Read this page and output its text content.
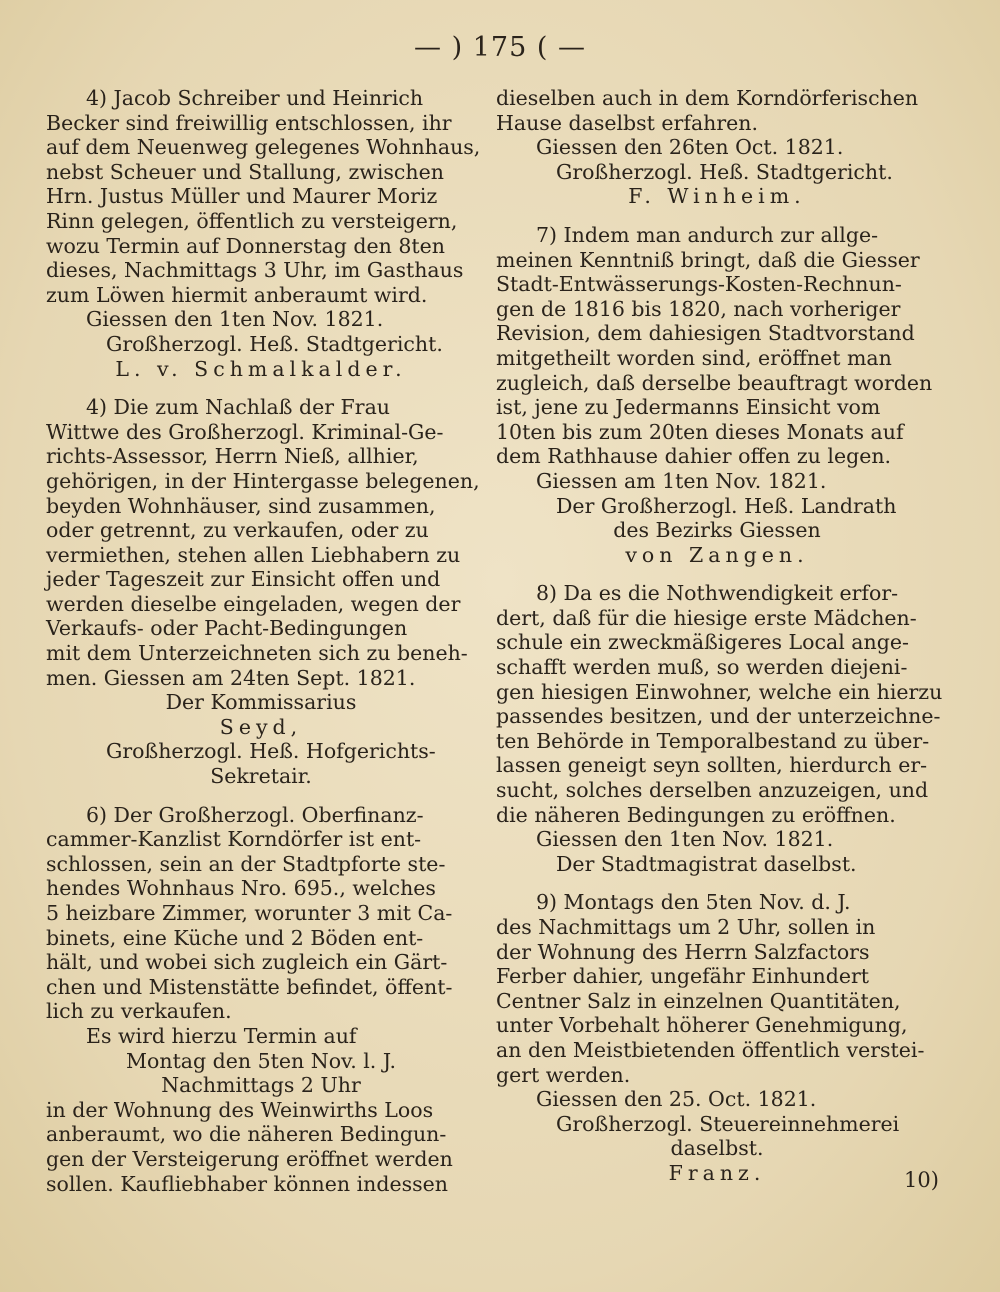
— ) 175 ( —
4) Jacob Schreiber und Heinrich
Becker sind freiwillig entschlossen, ihr
auf dem Neuenweg gelegenes Wohnhaus,
nebst Scheuer und Stallung, zwischen
Hrn. Justus Müller und Maurer Moriz
Rinn gelegen, öffentlich zu versteigern,
wozu Termin auf Donnerstag den 8ten
dieses, Nachmittags 3 Uhr, im Gasthaus
zum Löwen hiermit anberaumt wird.
Giessen den 1ten Nov. 1821.
Großherzogl. Heß. Stadtgericht.
L. v. Schmalkalder.
4) Die zum Nachlaß der Frau
Wittwe des Großherzogl. Kriminal-Ge-
richts-Assessor, Herrn Nieß, allhier,
gehörigen, in der Hintergasse belegenen,
beyden Wohnhäuser, sind zusammen,
oder getrennt, zu verkaufen, oder zu
vermiethen, stehen allen Liebhabern zu
jeder Tageszeit zur Einsicht offen und
werden dieselbe eingeladen, wegen der
Verkaufs- oder Pacht-Bedingungen
mit dem Unterzeichneten sich zu beneh-
men. Giessen am 24ten Sept. 1821.
Der Kommissarius
Seyd,
Großherzogl. Heß. Hofgerichts-
Sekretair.
6) Der Großherzogl. Oberfinanz-
cammer-Kanzlist Korndörfer ist ent-
schlossen, sein an der Stadtpforte ste-
hendes Wohnhaus Nro. 695., welches
5 heizbare Zimmer, worunter 3 mit Ca-
binets, eine Küche und 2 Böden ent-
hält, und wobei sich zugleich ein Gärt-
chen und Mistenstätte befindet, öffent-
lich zu verkaufen.
Es wird hierzu Termin auf
Montag den 5ten Nov. l. J.
Nachmittags 2 Uhr
in der Wohnung des Weinwirths Loos
anberaumt, wo die näheren Bedingun-
gen der Versteigerung eröffnet werden
sollen. Kaufliebhaber können indessen
dieselben auch in dem Korndörferischen
Hause daselbst erfahren.
Giessen den 26ten Oct. 1821.
Großherzogl. Heß. Stadtgericht.
F. Winheim.
7) Indem man andurch zur allge-
meinen Kenntniß bringt, daß die Giesser
Stadt-Entwässerungs-Kosten-Rechnun-
gen de 1816 bis 1820, nach vorheriger
Revision, dem dahiesigen Stadtvorstand
mitgetheilt worden sind, eröffnet man
zugleich, daß derselbe beauftragt worden
ist, jene zu Jedermanns Einsicht vom
10ten bis zum 20ten dieses Monats auf
dem Rathhause dahier offen zu legen.
Giessen am 1ten Nov. 1821.
Der Großherzogl. Heß. Landrath
des Bezirks Giessen
von Zangen.
8) Da es die Nothwendigkeit erfor-
dert, daß für die hiesige erste Mädchen-
schule ein zweckmäßigeres Local ange-
schafft werden muß, so werden diejeni-
gen hiesigen Einwohner, welche ein hierzu
passendes besitzen, und der unterzeichne-
ten Behörde in Temporalbestand zu über-
lassen geneigt seyn sollten, hierdurch er-
sucht, solches derselben anzuzeigen, und
die näheren Bedingungen zu eröffnen.
Giessen den 1ten Nov. 1821.
Der Stadtmagistrat daselbst.
9) Montags den 5ten Nov. d. J.
des Nachmittags um 2 Uhr, sollen in
der Wohnung des Herrn Salzfactors
Ferber dahier, ungefähr Einhundert
Centner Salz in einzelnen Quantitäten,
unter Vorbehalt höherer Genehmigung,
an den Meistbietenden öffentlich verstei-
gert werden.
Giessen den 25. Oct. 1821.
Großherzogl. Steuereinnehmerei
daselbst.
Franz.	10)
